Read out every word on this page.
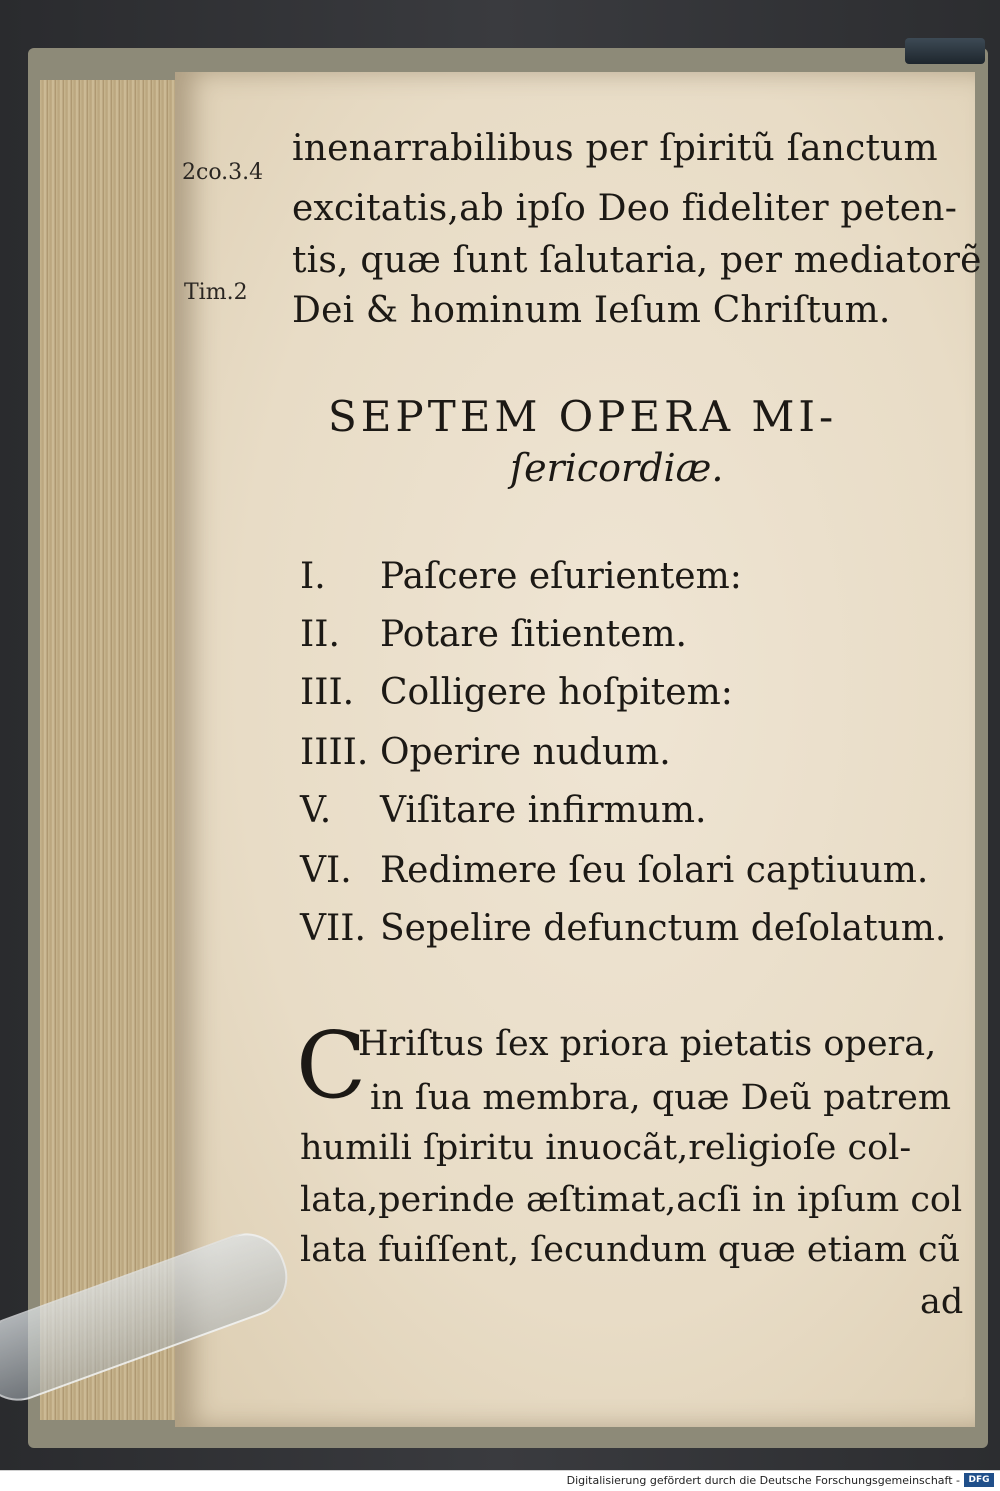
2co.3.4
Tim.2
inenarrabilibus per ſpiritũ ſanctum
excitatis,ab ipſo Deo fideliter peten-
tis, quæ ſunt ſalutaria, per mediatorẽ
Dei & hominum Ieſum Chriſtum.
SEPTEM OPERA MI-
ſericordiæ.
I. Paſcere eſurientem:
II. Potare ſitientem.
III. Colligere hoſpitem:
IIII. Operire nudum.
V. Viſitare infirmum.
VI. Redimere ſeu ſolari captiuum.
VII. Sepelire defunctum deſolatum.
C
Hriſtus ſex priora pietatis opera,
in ſua membra, quæ Deũ patrem
humili ſpiritu inuocãt,religioſe col-
lata,perinde æſtimat,acſi in ipſum col
lata fuiſſent, ſecundum quæ etiam cũ
ad
Digitalisierung gefördert durch die Deutsche Forschungsgemeinschaft - DFG
